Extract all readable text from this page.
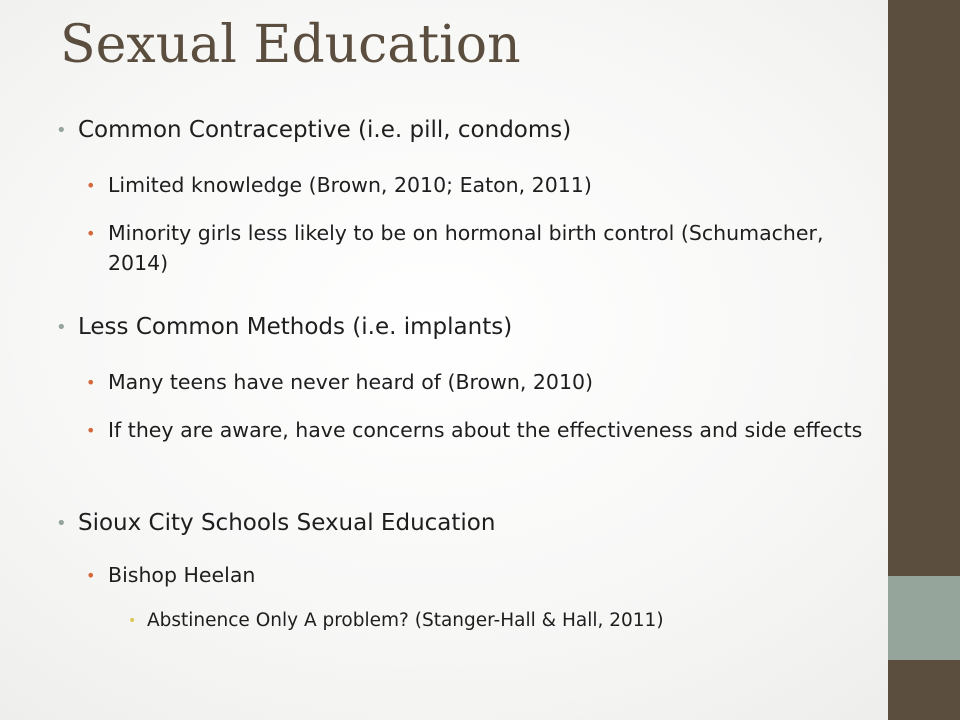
Sexual Education
• Common Contraceptive (i.e. pill, condoms)
• Limited knowledge (Brown, 2010; Eaton, 2011)
• Minority girls less likely to be on hormonal birth control (Schumacher, 2014)
• Less Common Methods (i.e. implants)
• Many teens have never heard of (Brown, 2010)
• If they are aware, have concerns about the effectiveness and side effects
• Sioux City Schools Sexual Education
• Bishop Heelan
• Abstinence Only A problem? (Stanger-Hall & Hall, 2011)
